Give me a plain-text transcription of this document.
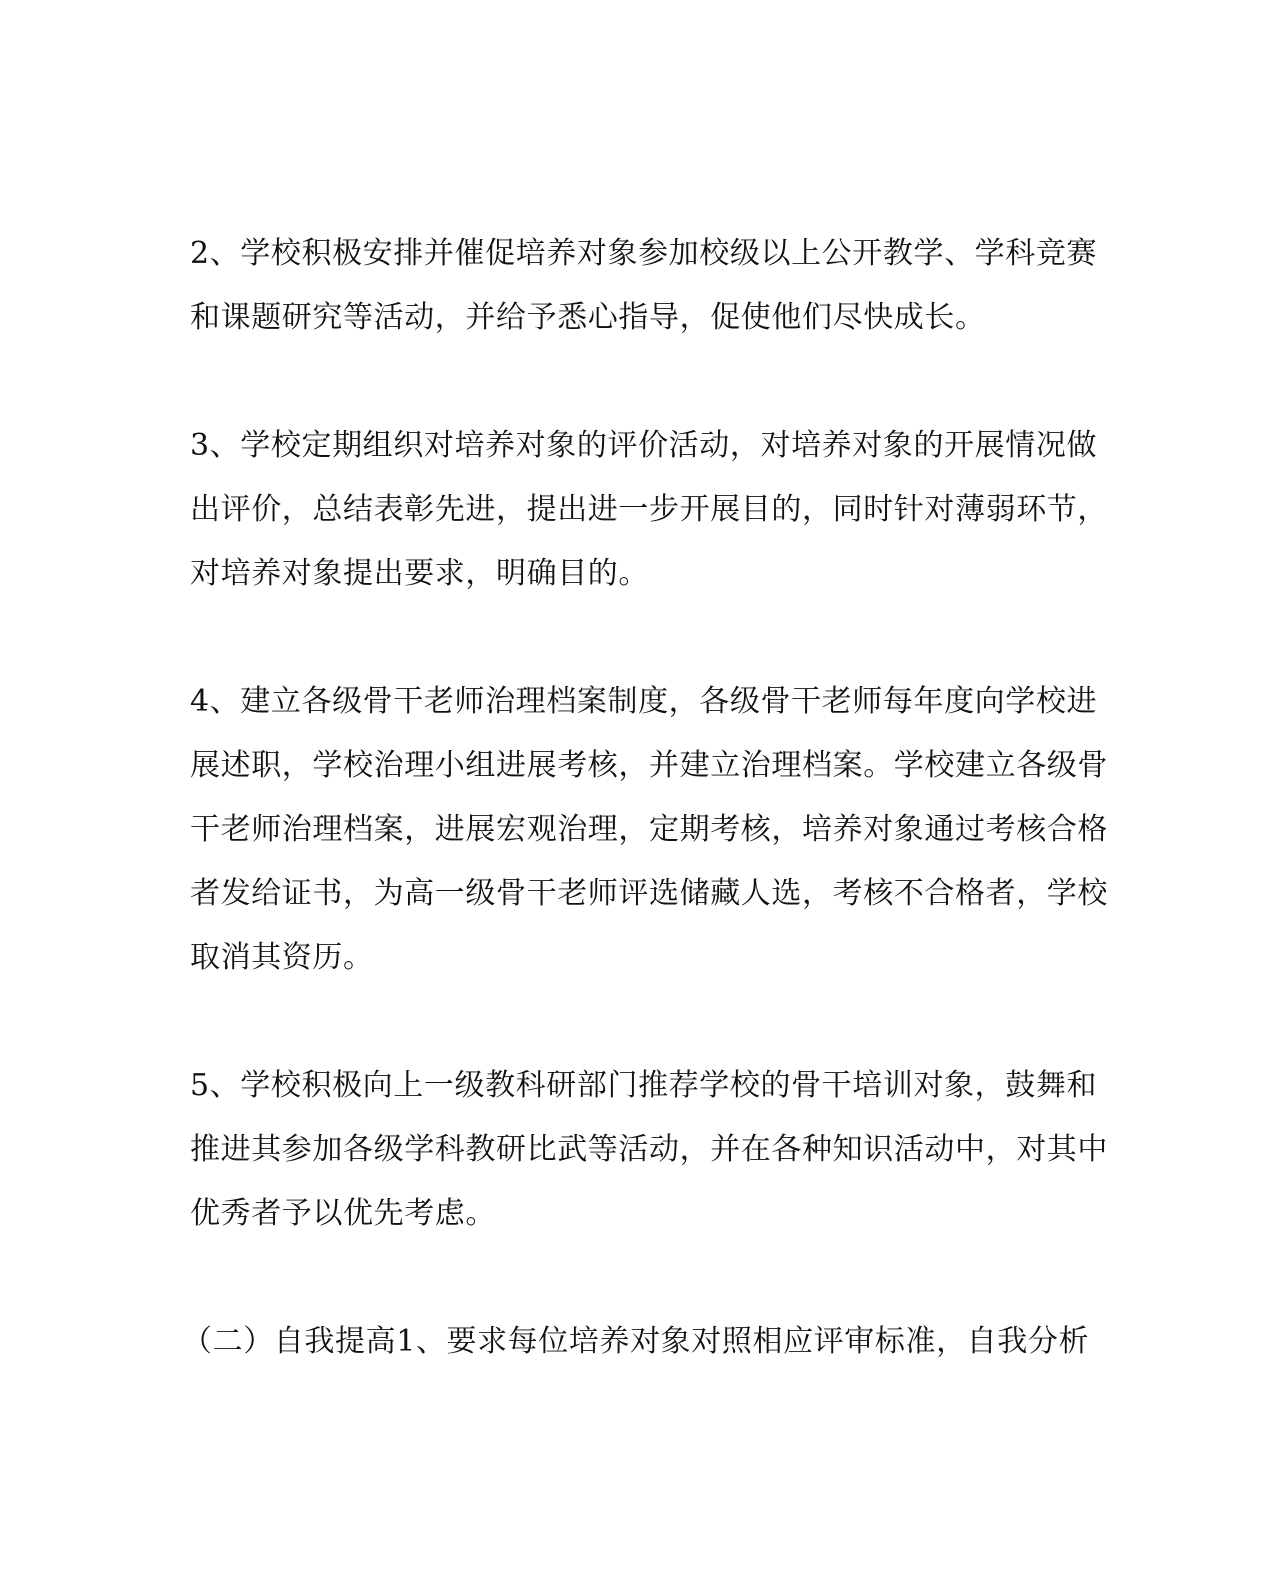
2、学校积极安排并催促培养对象参加校级以上公开教学、学科竞赛
和课题研究等活动，并给予悉心指导，促使他们尽快成长。
3、学校定期组织对培养对象的评价活动，对培养对象的开展情况做
出评价，总结表彰先进，提出进一步开展目的，同时针对薄弱环节，
对培养对象提出要求，明确目的。
4、建立各级骨干老师治理档案制度，各级骨干老师每年度向学校进
展述职，学校治理小组进展考核，并建立治理档案。学校建立各级骨
干老师治理档案，进展宏观治理，定期考核，培养对象通过考核合格
者发给证书，为高一级骨干老师评选储藏人选，考核不合格者，学校
取消其资历。
5、学校积极向上一级教科研部门推荐学校的骨干培训对象，鼓舞和
推进其参加各级学科教研比武等活动，并在各种知识活动中，对其中
优秀者予以优先考虑。
（二）自我提高1、要求每位培养对象对照相应评审标准，自我分析
